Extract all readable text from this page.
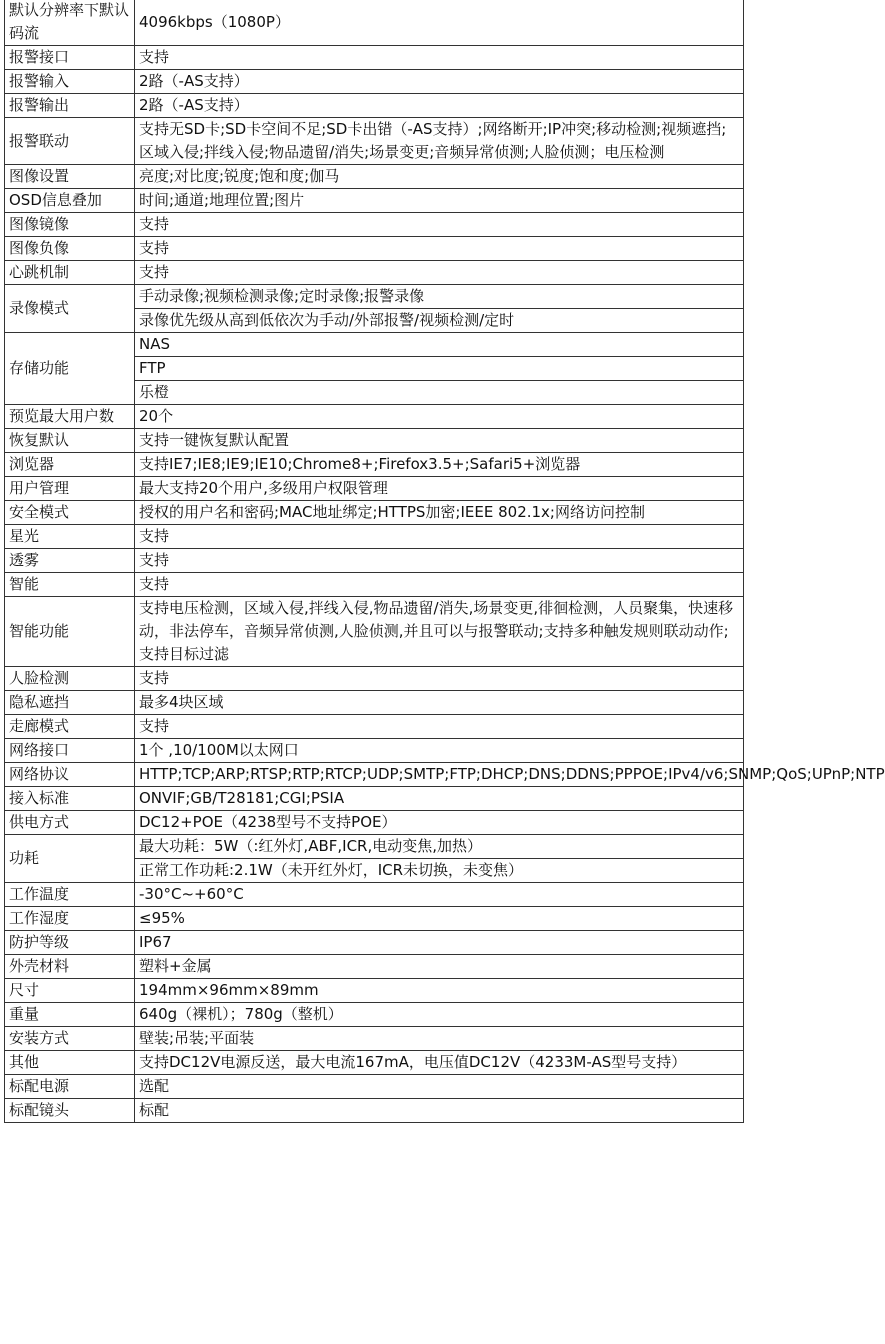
默认分辨率下默认码流	4096kbps（1080P）
报警接口	支持
报警输入	2路（-AS支持）
报警输出	2路（-AS支持）
报警联动	支持无SD卡;SD卡空间不足;SD卡出错（-AS支持）;网络断开;IP冲突;移动检测;视频遮挡;区域入侵;拌线入侵;物品遗留/消失;场景变更;音频异常侦测;人脸侦测；电压检测
图像设置	亮度;对比度;锐度;饱和度;伽马
OSD信息叠加	时间;通道;地理位置;图片
图像镜像	支持
图像负像	支持
心跳机制	支持
录像模式	手动录像;视频检测录像;定时录像;报警录像
	录像优先级从高到低依次为手动/外部报警/视频检测/定时
存储功能	NAS
	FTP
	乐橙
预览最大用户数	20个
恢复默认	支持一键恢复默认配置
浏览器	支持IE7;IE8;IE9;IE10;Chrome8+;Firefox3.5+;Safari5+浏览器
用户管理	最大支持20个用户,多级用户权限管理
安全模式	授权的用户名和密码;MAC地址绑定;HTTPS加密;IEEE 802.1x;网络访问控制
星光	支持
透雾	支持
智能	支持
智能功能	支持电压检测，区域入侵,拌线入侵,物品遗留/消失,场景变更,徘徊检测，人员聚集，快速移动，非法停车，音频异常侦测,人脸侦测,并且可以与报警联动;支持多种触发规则联动动作;支持目标过滤
人脸检测	支持
隐私遮挡	最多4块区域
走廊模式	支持
网络接口	1个 ,10/100M以太网口
网络协议	HTTP;TCP;ARP;RTSP;RTP;RTCP;UDP;SMTP;FTP;DHCP;DNS;DDNS;PPPOE;IPv4/v6;SNMP;QoS;UPnP;NTP
接入标准	ONVIF;GB/T28181;CGI;PSIA
供电方式	DC12+POE（4238型号不支持POE）
功耗	最大功耗：5W（:红外灯,ABF,ICR,电动变焦,加热）
	正常工作功耗:2.1W（未开红外灯，ICR未切换，未变焦）
工作温度	-30°C~+60°C
工作湿度	≤95%
防护等级	IP67
外壳材料	塑料+金属
尺寸	194mm×96mm×89mm
重量	640g（裸机）；780g（整机）
安装方式	壁装;吊装;平面装
其他	支持DC12V电源反送，最大电流167mA，电压值DC12V（4233M-AS型号支持）
标配电源	选配
标配镜头	标配
